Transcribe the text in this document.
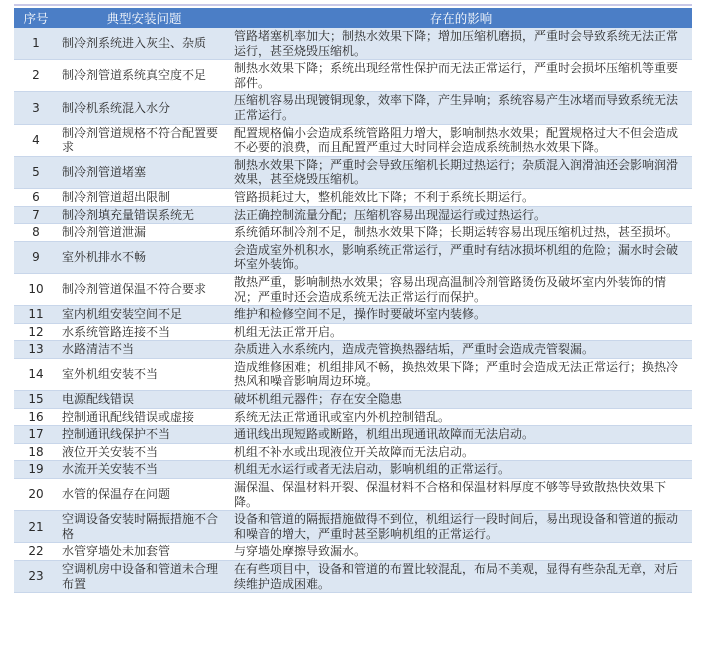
序号	典型安装问题	存在的影响
1	制冷剂系统进入灰尘、杂质	管路堵塞机率加大；制热水效果下降；增加压缩机磨损，严重时会导致系统无法正常运行，甚至烧毁压缩机。
2	制冷剂管道系统真空度不足	制热水效果下降；系统出现经常性保护而无法正常运行，严重时会损坏压缩机等重要部件。
3	制冷机系统混入水分	压缩机容易出现镀铜现象，效率下降，产生异响；系统容易产生冰堵而导致系统无法正常运行。
4	制冷剂管道规格不符合配置要求	配置规格偏小会造成系统管路阻力增大，影响制热水效果；配置规格过大不但会造成不必要的浪费，而且配置严重过大时同样会造成系统制热水效果下降。
5	制冷剂管道堵塞	制热水效果下降；严重时会导致压缩机长期过热运行；杂质混入润滑油还会影响润滑效果，甚至烧毁压缩机。
6	制冷剂管道超出限制	管路损耗过大，整机能效比下降；不利于系统长期运行。
7	制冷剂填充量错误系统无	法正确控制流量分配；压缩机容易出现湿运行或过热运行。
8	制冷剂管道泄漏	系统循环制冷剂不足，制热水效果下降；长期运转容易出现压缩机过热，甚至损坏。
9	室外机排水不畅	会造成室外机积水，影响系统正常运行，严重时有结冰损坏机组的危险；漏水时会破坏室外装饰。
10	制冷剂管道保温不符合要求	散热严重，影响制热水效果；容易出现高温制冷剂管路烫伤及破坏室内外装饰的情况；严重时还会造成系统无法正常运行而保护。
11	室内机组安装空间不足	维护和检修空间不足，操作时要破坏室内装修。
12	水系统管路连接不当	机组无法正常开启。
13	水路清洁不当	杂质进入水系统内，造成壳管换热器结垢，严重时会造成壳管裂漏。
14	室外机组安装不当	造成维修困难；机组排风不畅，换热效果下降；严重时会造成无法正常运行；换热冷热风和噪音影响周边环境。
15	电源配线错误	破坏机组元器件；存在安全隐患
16	控制通讯配线错误或虚接	系统无法正常通讯或室内外机控制错乱。
17	控制通讯线保护不当	通讯线出现短路或断路，机组出现通讯故障而无法启动。
18	液位开关安装不当	机组不补水或出现液位开关故障而无法启动。
19	水流开关安装不当	机组无水运行或者无法启动，影响机组的正常运行。
20	水管的保温存在问题	漏保温、保温材料开裂、保温材料不合格和保温材料厚度不够等导致散热快效果下降。
21	空调设备安装时隔振措施不合格	设备和管道的隔振措施做得不到位，机组运行一段时间后，易出现设备和管道的振动和噪音的增大，严重时甚至影响机组的正常运行。
22	水管穿墙处未加套管	与穿墙处摩擦导致漏水。
23	空调机房中设备和管道未合理布置	在有些项目中，设备和管道的布置比较混乱，布局不美观，显得有些杂乱无章，对后续维护造成困难。
